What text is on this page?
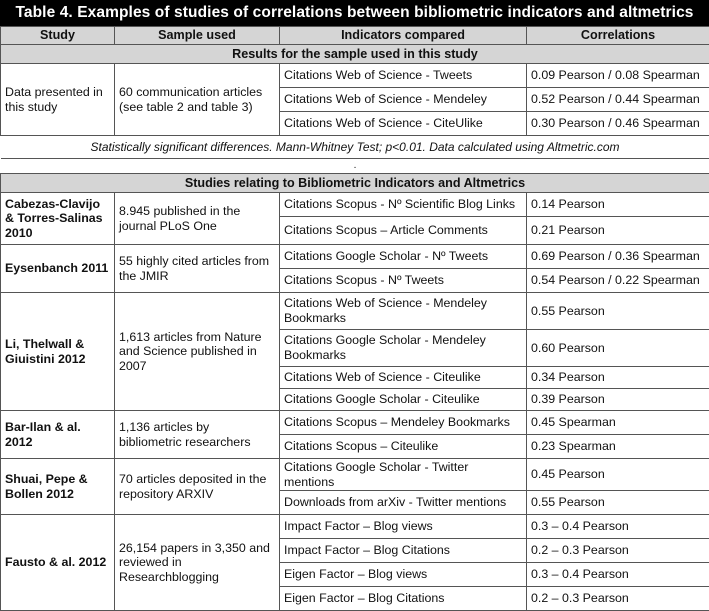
Table 4. Examples of studies of correlations between bibliometric indicators and altmetrics
Study	Sample used	Indicators compared	Correlations
Results for the sample used in this study			
Data presented in this study	60 communication articles (see table 2 and table 3)	Citations Web of Science - Tweets	0.09 Pearson / 0.08 Spearman
		Citations Web of Science - Mendeley	0.52 Pearson / 0.44 Spearman
		Citations Web of Science - CiteUlike	0.30 Pearson / 0.46 Spearman
Statistically significant differences. Mann-Whitney Test; p<0.01. Data calculated using Altmetric.com			
.			
Studies relating to Bibliometric Indicators and Altmetrics			
Cabezas-Clavijo & Torres-Salinas 2010	8.945 published in the journal PLoS One	Citations Scopus - Nº Scientific Blog Links	0.14 Pearson
		Citations Scopus – Article Comments	0.21 Pearson
Eysenbanch 2011	55 highly cited articles from the JMIR	Citations Google Scholar - Nº Tweets	0.69 Pearson / 0.36 Spearman
		Citations Scopus - Nº Tweets	0.54 Pearson / 0.22 Spearman
Li, Thelwall & Giuistini 2012	1,613 articles from Nature and Science published in 2007	Citations Web of Science - Mendeley Bookmarks	0.55 Pearson
		Citations Google Scholar - Mendeley Bookmarks	0.60 Pearson
		Citations Web of Science - Citeulike	0.34 Pearson
		Citations Google Scholar - Citeulike	0.39 Pearson
Bar-Ilan & al. 2012	1,136 articles by bibliometric researchers	Citations Scopus – Mendeley Bookmarks	0.45 Spearman
		Citations Scopus – Citeulike	0.23 Spearman
Shuai, Pepe & Bollen 2012	70 articles deposited in the repository ARXIV	Citations Google Scholar - Twitter mentions	0.45 Pearson
		Downloads from arXiv - Twitter mentions	0.55 Pearson
Fausto & al. 2012	26,154 papers in 3,350 and reviewed in Researchblogging	Impact Factor – Blog views	0.3 – 0.4 Pearson
		Impact Factor – Blog Citations	0.2 – 0.3 Pearson
		Eigen Factor – Blog views	0.3 – 0.4 Pearson
		Eigen Factor – Blog Citations	0.2 – 0.3 Pearson
